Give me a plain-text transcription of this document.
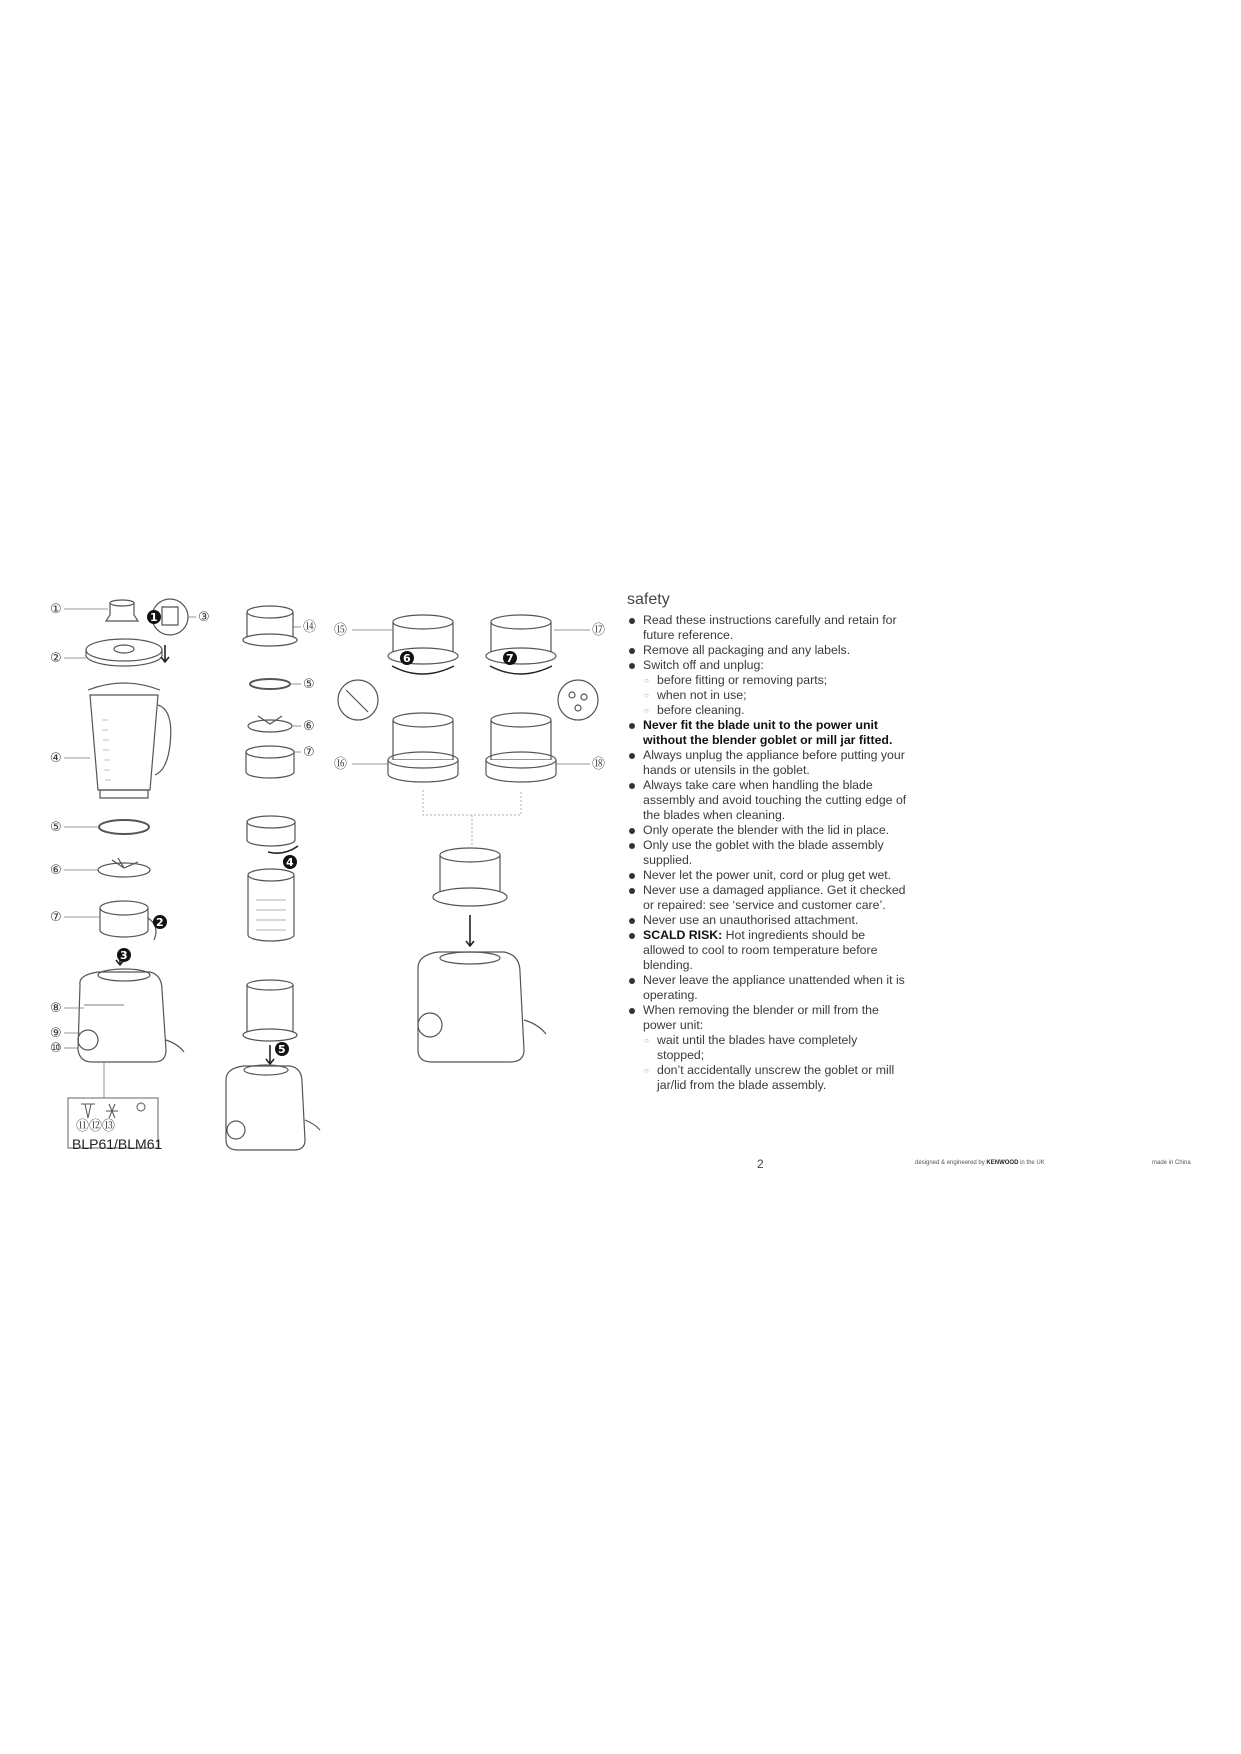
①
②
③
④
⑤
⑥
⑦
⑧
⑨
⑩
⑪⑫⑬
⑭
⑤
⑥
⑦
⑮
⑯
⑰
⑱
1
2
3
4
5
6	7
BLP61/BLM61
safety
Read these instructions carefully and retain for future reference.
Remove all packaging and any labels.
Switch off and unplug:
○ before fitting or removing parts;
○ when not in use;
○ before cleaning.
Never fit the blade unit to the power unit without the blender goblet or mill jar fitted.
Always unplug the appliance before putting your hands or utensils in the goblet.
Always take care when handling the blade assembly and avoid touching the cutting edge of the blades when cleaning.
Only operate the blender with the lid in place.
Only use the goblet with the blade assembly supplied.
Never let the power unit, cord or plug get wet.
Never use a damaged appliance. Get it checked or repaired: see ‘service and customer care’.
Never use an unauthorised attachment.
SCALD RISK: Hot ingredients should be allowed to cool to room temperature before blending.
Never leave the appliance unattended when it is operating.
When removing the blender or mill from the power unit:
○ wait until the blades have completely stopped;
○ don’t accidentally unscrew the goblet or mill jar/lid from the blade assembly.
2	designed & engineered by KENWOOD in the UK	made in China
